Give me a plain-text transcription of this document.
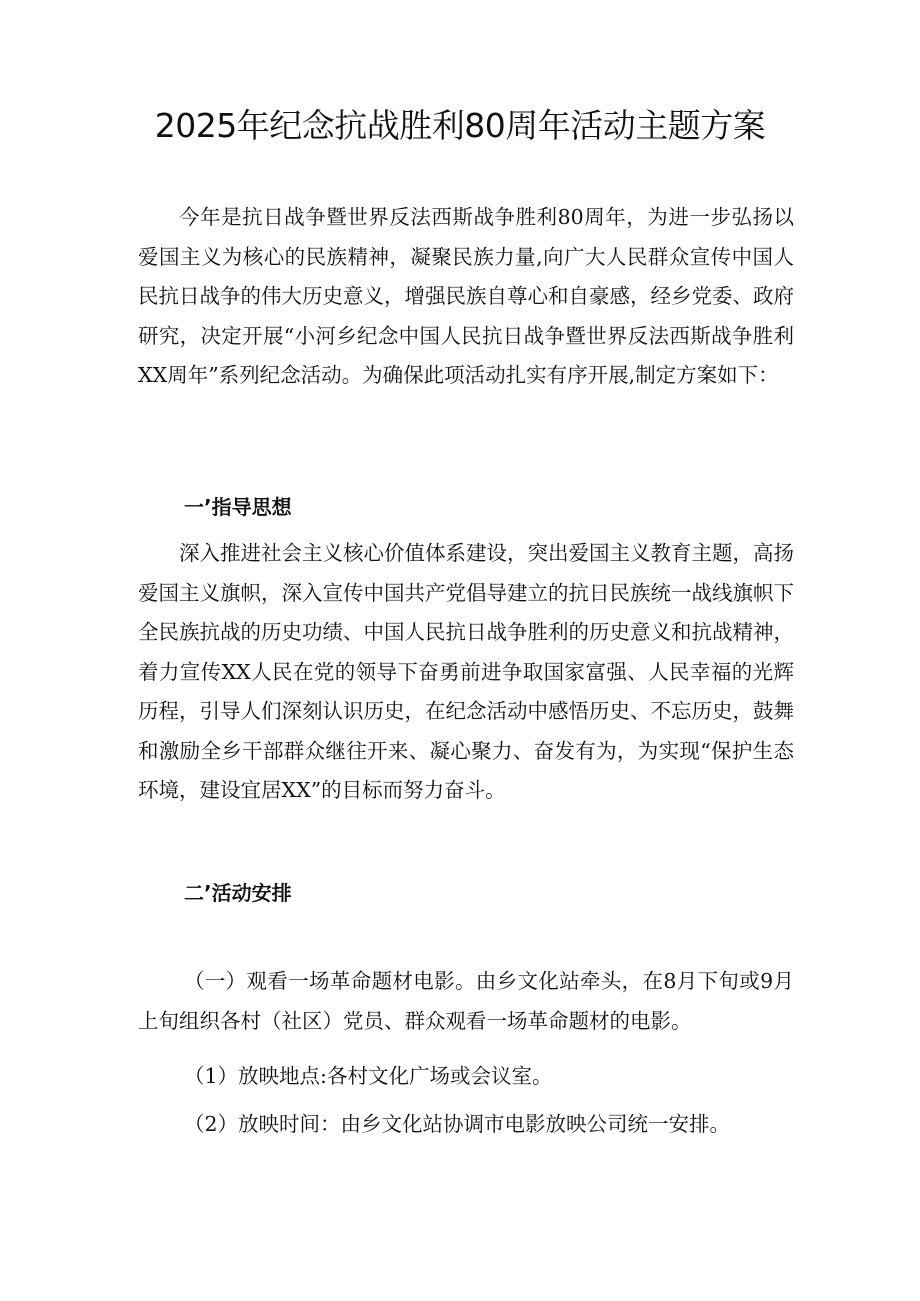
2025年纪念抗战胜利80周年活动主题方案

今年是抗日战争暨世界反法西斯战争胜利80周年，为进一步弘扬以爱国主义为核心的民族精神，凝聚民族力量,向广大人民群众宣传中国人民抗日战争的伟大历史意义，增强民族自尊心和自豪感，经乡党委、政府研究，决定开展“小河乡纪念中国人民抗日战争暨世界反法西斯战争胜利XX周年”系列纪念活动。为确保此项活动扎实有序开展,制定方案如下：

一’指导思想

深入推进社会主义核心价值体系建设，突出爱国主义教育主题，高扬爱国主义旗帜，深入宣传中国共产党倡导建立的抗日民族统一战线旗帜下全民族抗战的历史功绩、中国人民抗日战争胜利的历史意义和抗战精神，着力宣传XX人民在党的领导下奋勇前进争取国家富强、人民幸福的光辉历程，引导人们深刻认识历史，在纪念活动中感悟历史、不忘历史，鼓舞和激励全乡干部群众继往开来、凝心聚力、奋发有为，为实现“保护生态环境，建设宜居XX”的目标而努力奋斗。

二’活动安排

（一）观看一场革命题材电影。由乡文化站牵头，在8月下旬或9月上旬组织各村（社区）党员、群众观看一场革命题材的电影。

（1）放映地点:各村文化广场或会议室。

（2）放映时间：由乡文化站协调市电影放映公司统一安排。
